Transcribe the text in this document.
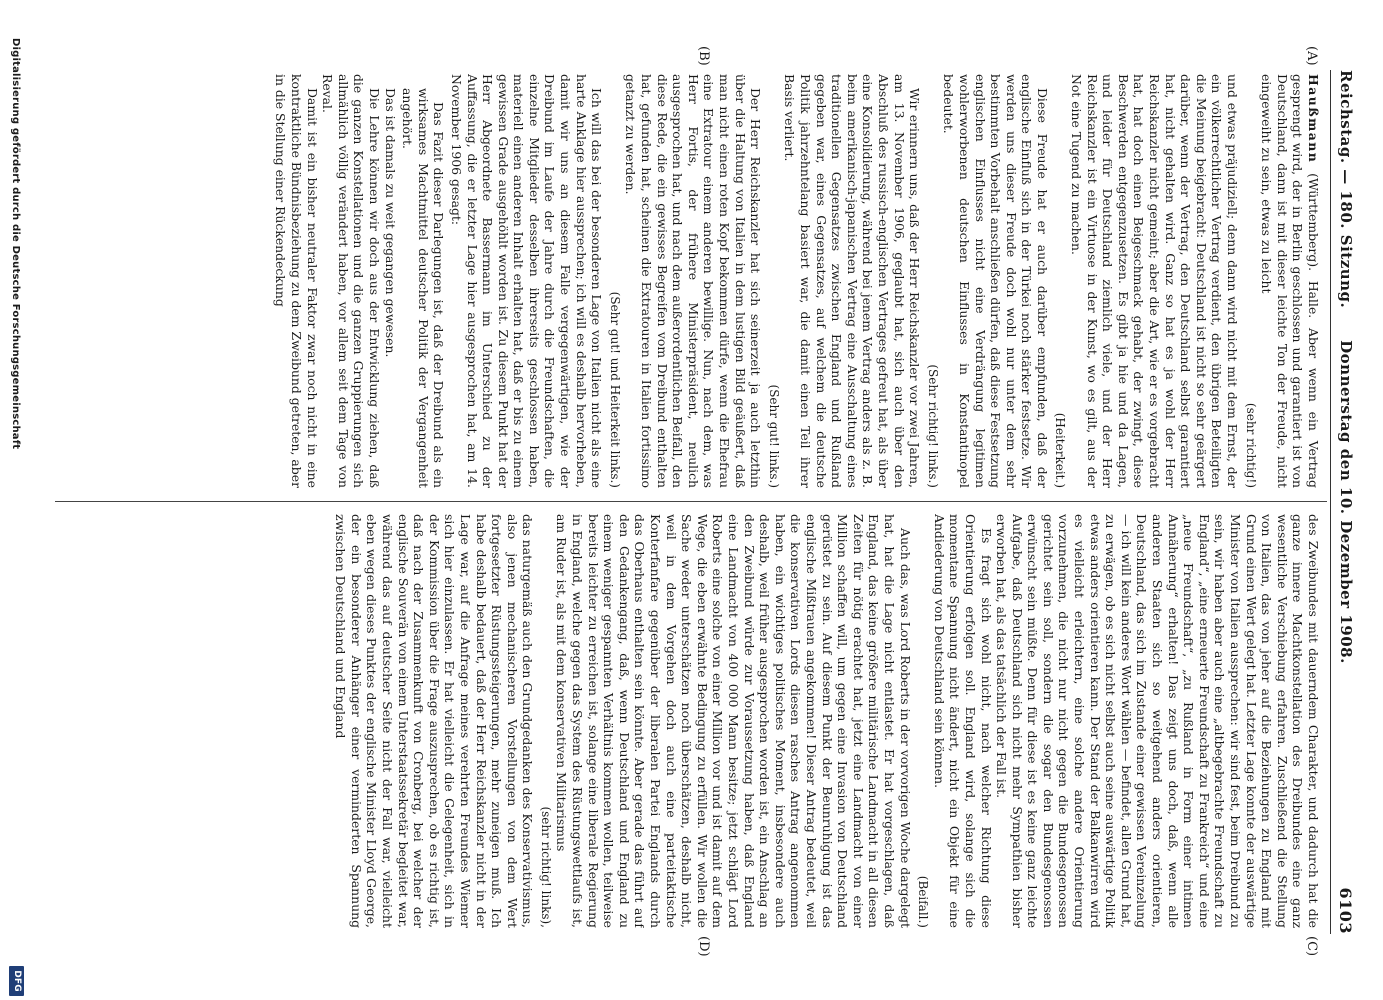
Reichstag. — 180. Sitzung.
Donnerstag den 10. Dezember 1908.
6103
(A)
(B)
(C)
(D)

Haußmann (Württemberg). Halle. Aber wenn ein Vertrag gesprengt wird, der in Berlin geschlossen und garantiert ist von Deutschland, dann ist mit dieser leichte Ton der Freude, nicht eingeweiht zu sein, etwas zu leicht

(sehr richtig!)

und etwas präjudiziell; denn dann wird nicht mit dem Ernst, der ein völkerrechtlicher Vertrag verdient, den übrigen Beteiligten die Meinung beigebracht: Deutschland ist nicht so sehr geärgert darüber, wenn der Vertrag, den Deutschland selbst garantiert hat, nicht gehalten wird. Ganz so hat es ja wohl der Herr Reichskanzler nicht gemeint; aber die Art, wie er es vorgebracht hat, hat doch einen Beigeschmack gehabt, der zwingt, diese Beschwerden entgegenzusetzen. Es gibt ja hie und da Lagen, und leider für Deutschland ziemlich viele, und der Herr Reichskanzler ist ein Virtuose in der Kunst, wo es gilt, aus der Not eine Tugend zu machen.

(Heiterkeit.)

Diese Freude hat er auch darüber empfunden, daß der englische Einfluß sich in der Türkei noch stärker festsetze. Wir werden uns dieser Freude doch wohl nur unter dem sehr bestimmten Vorbehalt anschließen dürfen, daß diese Festsetzung englischen Einflusses nicht eine Verdrängung legitimen wohlerworbenen deutschen Einflusses in Konstantinopel bedeutet.

(Sehr richtig! links.)

Wir erinnern uns, daß der Herr Reichskanzler vor zwei Jahren, am 13. November 1906, geglaubt hat, sich auch über den Abschluß des russisch-englischen Vertrages gefreut hat, als über eine Konsolidierung, während bei jenem Vertrag anders als z. B. beim amerikanisch-japanischen Vertrag eine Ausschaltung eines traditionellen Gegensatzes zwischen England und Rußland gegeben war, eines Gegensatzes, auf welchem die deutsche Politik jahrzehntelang basiert war, die damit einen Teil ihrer Basis verliert.

(Sehr gut! links.)

Der Herr Reichskanzler hat sich seinerzeit ja auch letzthin über die Haltung von Italien in dem lustigen Bild geäußert, daß man nicht einen roten Kopf bekommen dürfe, wenn die Ehefrau eine Extratour einem anderen bewillige. Nun, nach dem, was Herr Fortis, der frühere Ministerpräsident, neulich ausgesprochen hat, und nach dem außerordentlichen Beifall, den diese Rede, die ein gewisses Begreifen vom Dreibund enthalten hat, gefunden hat, scheinen die Extratouren in Italien fortissimo getanzt zu werden.

(Sehr gut! und Heiterkeit links.)

Ich will das bei der besonderen Lage von Italien nicht als eine harte Anklage hier aussprechen; ich will es deshalb hervorheben, damit wir uns an diesem Falle vergegenwärtigen, wie der Dreibund im Laufe der Jahre durch die Freundschaften, die einzelne Mitglieder desselben ihrerseits geschlossen haben, materiell einen anderen Inhalt erhalten hat, daß er bis zu einem gewissen Grade ausgehöhlt worden ist. Zu diesem Punkt hat der Herr Abgeordnete Bassermann im Unterschied zu der Auffassung, die er letzter Lage hier ausgesprochen hat, am 14. November 1906 gesagt:

Das Fazit dieser Darlegungen ist, daß der Dreibund als ein wirksames Machtmittel deutscher Politik der Vergangenheit angehört.

Das ist damals zu weit gegangen gewesen.

Die Lehre können wir doch aus der Entwicklung ziehen, daß die ganzen Konstellationen und die ganzen Gruppierungen sich allmählich völlig verändert haben, vor allem seit dem Tage von Reval.

Damit ist ein bisher neutraler Faktor zwar noch nicht in eine kontraktliche Bündnisbeziehung zu dem Zweibund getreten, aber in die Stellung einer Rückendeckung

des Zweibundes mit dauerndem Charakter, und dadurch hat die ganze innere Machtkonstellation des Dreibundes eine ganz wesentliche Verschiebung erfahren. Zuschließend die Stellung von Italien, das von jeher auf die Beziehungen zu England mit Grund einen Wert gelegt hat. Letzter Lage konnte der auswärtige Minister von Italien aussprechen: wir sind fest, beim Dreibund zu sein, wir haben aber auch eine „altbegebrachte Freundschaft zu England“, „eine erneuerte Freundschaft zu Frankreich“ und eine „neue Freundschaft“, „zu Rußland in Form einer intimen Annäherung“ erhalten! Das zeigt uns doch, daß, wenn alle anderen Staaten sich so weitgehend anders orientieren, Deutschland, das sich im Zustande einer gewissen Vereinzelung — ich will kein anderes Wort wählen — befindet, allen Grund hat, zu erwägen, ob es sich nicht selbst auch seine auswärtige Politik etwas anders orientieren kann. Der Stand der Balkanwirren wird es vielleicht erleichtern, eine solche andere Orientierung vorzunehmen, die nicht nur nicht gegen die Bundesgenossen gerichtet sein soll, sondern die sogar den Bundesgenossen erwünscht sein müßte. Denn für diese ist es keine ganz leichte Aufgabe, daß Deutschland sich nicht mehr Sympathien bisher erworben hat, als das tatsächlich der Fall ist.

Es fragt sich wohl nicht, nach welcher Richtung diese Orientierung erfolgen soll. England wird, solange sich die momentane Spannung nicht ändert, nicht ein Objekt für eine Andiederung von Deutschland sein können.

(Beifall.)

Auch das, was Lord Roberts in der vorvorigen Woche dargelegt hat, hat die Lage nicht entlastet. Er hat vorgeschlagen, daß England, das keine größere militärische Landmacht in all diesen Zeiten für nötig erachtet hat, jetzt eine Landmacht von einer Million schaffen will, um gegen eine Invasion von Deutschland gerüstet zu sein. Auf diesem Punkt der Beunruhigung ist das englische Mißtrauen angekommen! Dieser Antrag bedeutet, weil die konservativen Lords diesen rasches Antrag angenommen haben, ein wichtiges politisches Moment, insbesondere auch deshalb, weil früher ausgesprochen worden ist, ein Anschlag an den Zweibund würde zur Voraussetzung haben, daß England eine Landmacht von 400 000 Mann besitze; jetzt schlägt Lord Roberts eine solche von einer Million vor und ist damit auf dem Wege, die eben erwähnte Bedingung zu erfüllen. Wir wollen die Sache weder unterschätzen noch überschätzen, deshalb nicht, weil in dem Vorgehen doch auch eine parteitaktische Konterfanfare gegenüber der liberalen Partei Englands durch das Oberhaus enthalten sein könnte. Aber gerade das führt auf den Gedankengang, daß, wenn Deutschland und England zu einem weniger gespannten Verhältnis kommen wollen, teilweise bereits leichter zu erreichen ist, solange eine liberale Regierung in England, welche gegen das System des Rüstungswettlaufs ist, am Ruder ist, als mit dem konservativen Militarismus

(sehr richtig! links),

das naturgemäß auch den Grundgedanken des Konservativismus, also jenen mechanischeren Vorstellungen von dem Wert fortgesetzter Rüstungssteigerungen, mehr zuneigen muß. Ich habe deshalb bedauert, daß der Herr Reichskanzler nicht in der Lage war, auf die Anfrage meines verehrten Freundes Wiemer sich hier einzulassen. Er hat vielleicht die Gelegenheit, sich in der Kommission über die Frage auszusprechen, ob es richtig ist, daß nach der Zusammenkunft von Cronberg, bei welcher der englische Souverän von einem Unterstaatssekretär begleitet war, während das auf deutscher Seite nicht der Fall war, vielleicht eben wegen dieses Punktes der englische Minister Lloyd George, der ein besonderer Anhänger einer verminderten Spannung zwischen Deutschland und England

Digitalisierung gefördert durch die Deutsche Forschungsgemeinschaft
DFG
